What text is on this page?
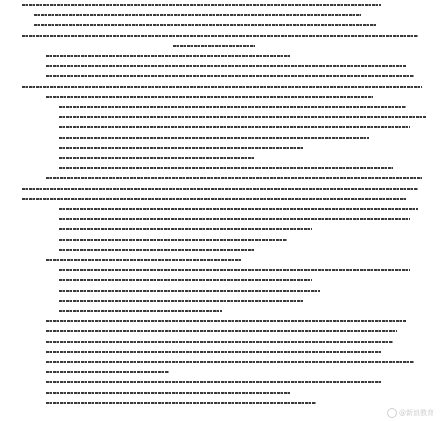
@新浪教育
